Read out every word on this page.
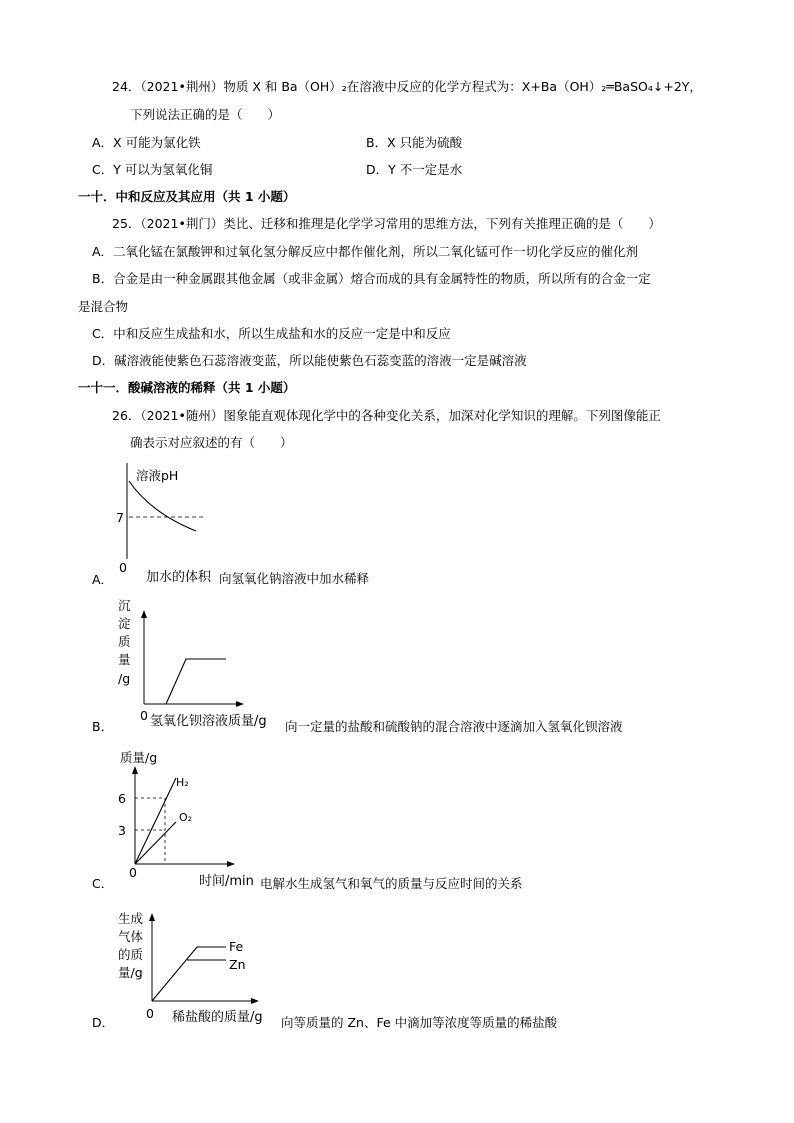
24．（2021•荆州）物质 X 和 Ba（OH）₂在溶液中反应的化学方程式为：X+Ba（OH）₂═BaSO₄↓+2Y，
下列说法正确的是（　　）
A．X 可能为氯化铁	B．X 只能为硫酸
C．Y 可以为氢氧化铜	D．Y 不一定是水
一十．中和反应及其应用（共 1 小题）
25．（2021•荆门）类比、迁移和推理是化学学习常用的思维方法，下列有关推理正确的是（　　）
A．二氧化锰在氯酸钾和过氧化氢分解反应中都作催化剂，所以二氧化锰可作一切化学反应的催化剂
B．合金是由一种金属跟其他金属（或非金属）熔合而成的具有金属特性的物质，所以所有的合金一定
是混合物
C．中和反应生成盐和水，所以生成盐和水的反应一定是中和反应
D．碱溶液能使紫色石蕊溶液变蓝，所以能使紫色石蕊变蓝的溶液一定是碱溶液
一十一．酸碱溶液的稀释（共 1 小题）
26．（2021•随州）图象能直观体现化学中的各种变化关系，加深对化学知识的理解。下列图像能正
确表示对应叙述的有（　　）
溶液pH
7
0
A．	加水的体积 向氢氧化钠溶液中加水稀释
沉
淀
质
量
/g
0 氢氧化钡溶液质量/g
B．	向一定量的盐酸和硫酸钠的混合溶液中逐滴加入氢氧化钡溶液
质量/g
6
3
H₂
O₂
0
C．	时间/min 电解水生成氢气和氧气的质量与反应时间的关系
生成
气体
的质
量/g
Fe
Zn
0 稀盐酸的质量/g
D．	向等质量的 Zn、Fe 中滴加等浓度等质量的稀盐酸
